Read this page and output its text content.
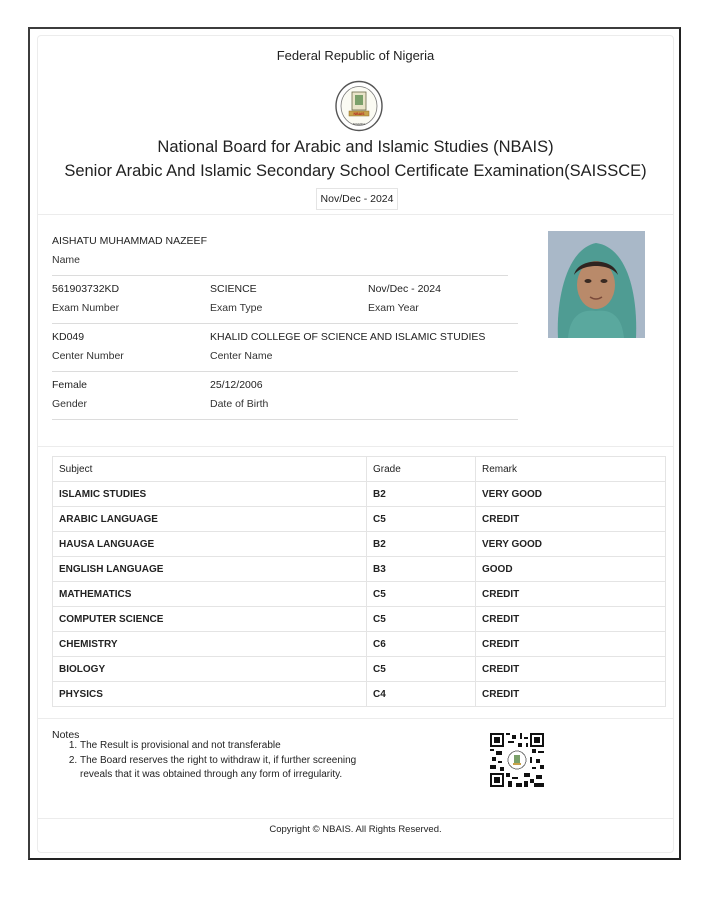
Federal Republic of Nigeria
NBAIS
NIGERIA
National Board for Arabic and Islamic Studies (NBAIS)
Senior Arabic And Islamic Secondary School Certificate Examination(SAISSCE)
Nov/Dec - 2024
AISHATU MUHAMMAD NAZEEF
Name
561903732KD
Exam Number
SCIENCE
Exam Type
Nov/Dec - 2024
Exam Year
KD049
Center Number
KHALID COLLEGE OF SCIENCE AND ISLAMIC STUDIES
Center Name
Female
Gender
25/12/2006
Date of Birth
Subject	Grade	Remark
ISLAMIC STUDIES	B2	VERY GOOD
ARABIC LANGUAGE	C5	CREDIT
HAUSA LANGUAGE	B2	VERY GOOD
ENGLISH LANGUAGE	B3	GOOD
MATHEMATICS	C5	CREDIT
COMPUTER SCIENCE	C5	CREDIT
CHEMISTRY	C6	CREDIT
BIOLOGY	C5	CREDIT
PHYSICS	C4	CREDIT
Notes
1. The Result is provisional and not transferable
2. The Board reserves the right to withdraw it, if further screening reveals that it was obtained through any form of irregularity.
Copyright © NBAIS. All Rights Reserved.
